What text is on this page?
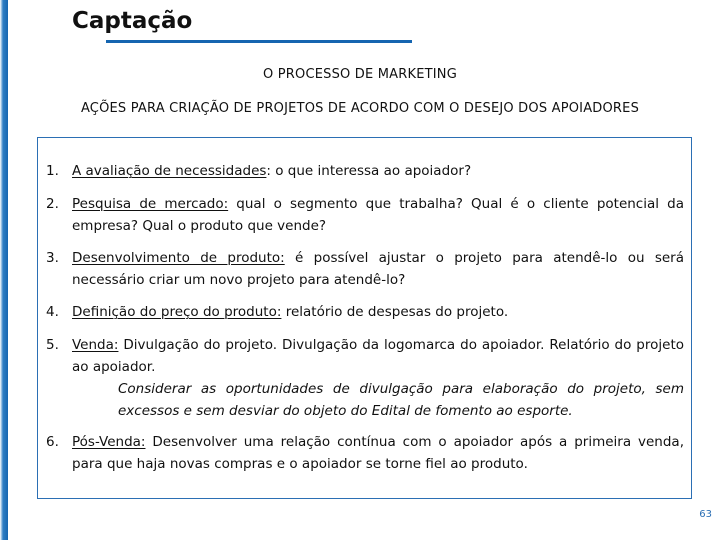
Captação
O PROCESSO DE MARKETING
AÇÕES PARA CRIAÇÃO DE PROJETOS DE ACORDO COM O DESEJO DOS APOIADORES
1. A avaliação de necessidades: o que interessa ao apoiador?
2. Pesquisa de mercado: qual o segmento que trabalha? Qual é o cliente potencial da empresa? Qual o produto que vende?
3. Desenvolvimento de produto: é possível ajustar o projeto para atendê-lo ou será necessário criar um novo projeto para atendê-lo?
4. Definição do preço do produto: relatório de despesas do projeto.
5. Venda: Divulgação do projeto. Divulgação da logomarca do apoiador. Relatório do projeto ao apoiador.
Considerar as oportunidades de divulgação para elaboração do projeto, sem excessos e sem desviar do objeto do Edital de fomento ao esporte.
6. Pós-Venda: Desenvolver uma relação contínua com o apoiador após a primeira venda, para que haja novas compras e o apoiador se torne fiel ao produto.
63
